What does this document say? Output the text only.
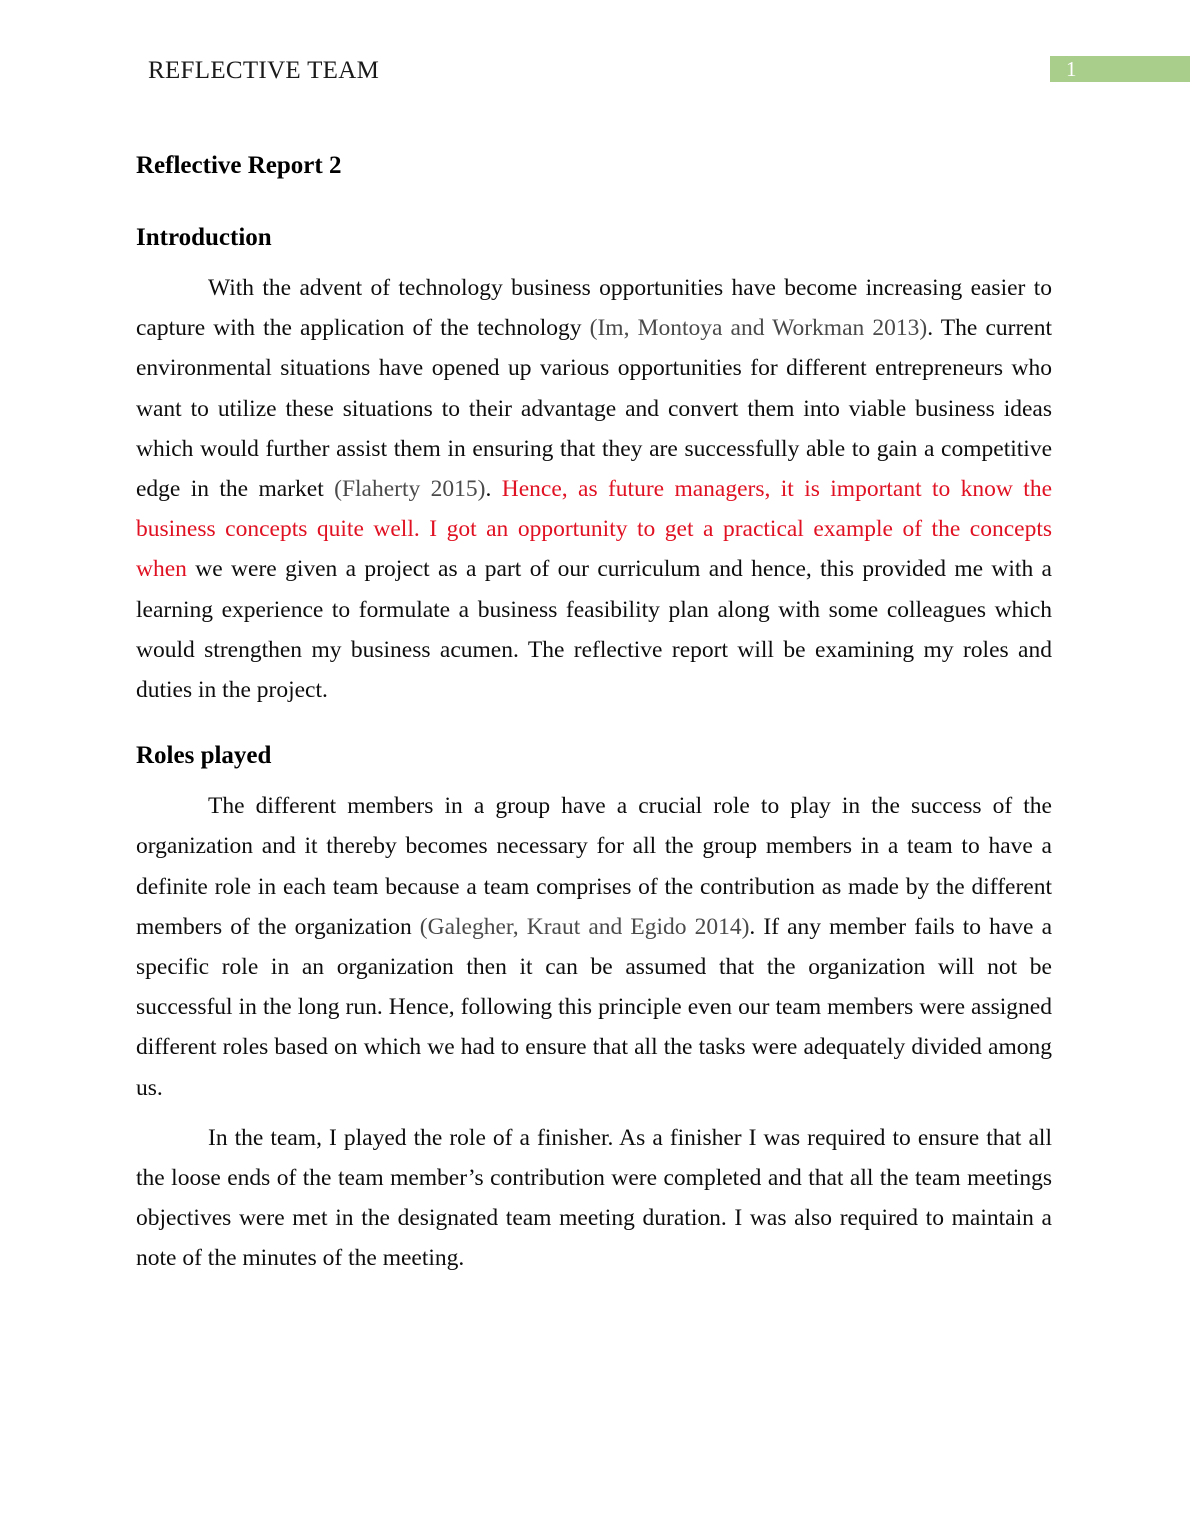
REFLECTIVE TEAM	1
Reflective Report 2
Introduction

With the advent of technology business opportunities have become increasing easier to capture with the application of the technology (Im, Montoya and Workman 2013). The current environmental situations have opened up various opportunities for different entrepreneurs who want to utilize these situations to their advantage and convert them into viable business ideas which would further assist them in ensuring that they are successfully able to gain a competitive edge in the market (Flaherty 2015). Hence, as future managers, it is important to know the business concepts quite well. I got an opportunity to get a practical example of the concepts when we were given a project as a part of our curriculum and hence, this provided me with a learning experience to formulate a business feasibility plan along with some colleagues which would strengthen my business acumen. The reflective report will be examining my roles and duties in the project.

Roles played

The different members in a group have a crucial role to play in the success of the organization and it thereby becomes necessary for all the group members in a team to have a definite role in each team because a team comprises of the contribution as made by the different members of the organization (Galegher, Kraut and Egido 2014). If any member fails to have a specific role in an organization then it can be assumed that the organization will not be successful in the long run. Hence, following this principle even our team members were assigned different roles based on which we had to ensure that all the tasks were adequately divided among us.

In the team, I played the role of a finisher. As a finisher I was required to ensure that all the loose ends of the team member’s contribution were completed and that all the team meetings objectives were met in the designated team meeting duration. I was also required to maintain a note of the minutes of the meeting.
